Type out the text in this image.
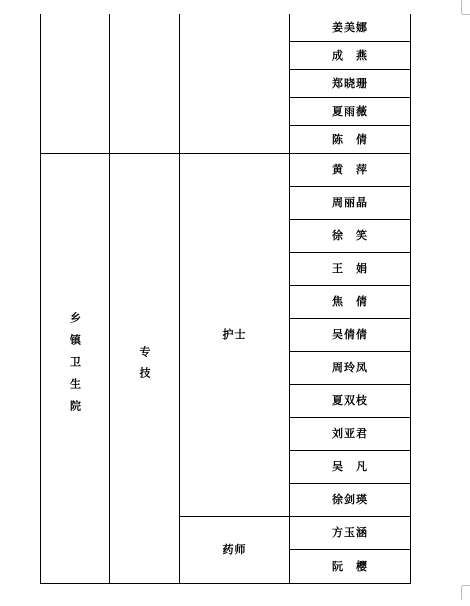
			姜美娜
			成　燕
			郑晓珊
			夏雨薇
			陈　倩
乡镇卫生院	专技	护士	黄　萍
			周丽晶
			徐　笑
			王　娟
			焦　倩
			吴倩倩
			周玲凤
			夏双枝
			刘亚君
			吴　凡
			徐剑瑛
		药师	方玉涵
			阮　樱
